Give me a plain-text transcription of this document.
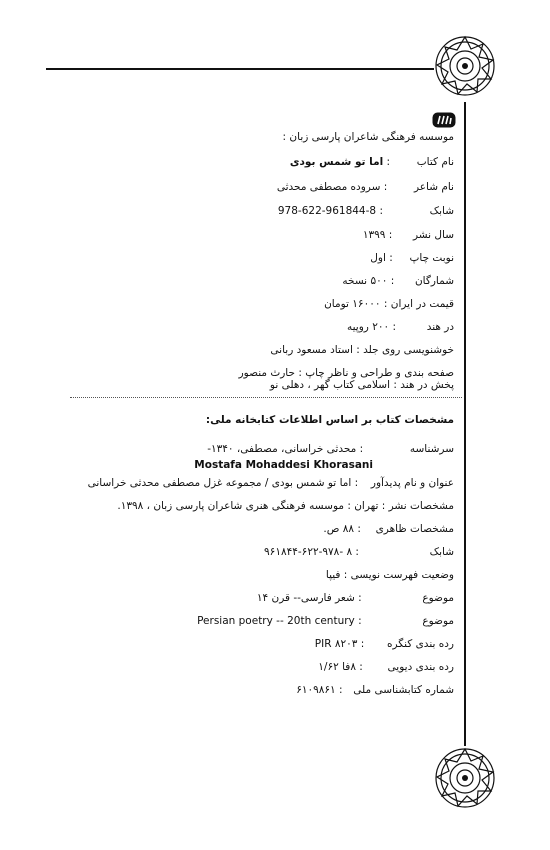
موسسه فرهنگی شاعران پارسی زبان :
نام کتاب  : اما تو شمس بودی
نام شاعر  : سروده مصطفی محدثی
شابک  : 978-622-961844-8
سال نشر  : ۱۳۹۹
نوبت چاپ  : اول
شمارگان  : ۵۰۰ نسخه
قیمت در ایران : ۱۶۰۰۰ تومان
در هند  : ۲۰۰ روپیه
خوشنویسی روی جلد : استاد مسعود ربانی
صفحه بندی و طراحی و ناظر چاپ : حارث منصور
پخش در هند : اسلامی کتاب گهر ، دهلی نو
مشخصات کتاب بر اساس اطلاعات کتابخانه ملی:
سرشناسه  : محدثی خراسانی، مصطفی، ۱۳۴۰-
Mostafa Mohaddesi Khorasani
عنوان و نام پدیدآور  : اما تو شمس بودی / مجموعه غزل مصطفی محدثی خراسانی
مشخصات نشر : تهران : موسسه فرهنگی هنری شاعران پارسی زبان ، ۱۳۹۸.
مشخصات ظاهری  : ۸۸ ص.
شابک  : ۸ -۹۶۱۸۴۴-۶۲۲-۹۷۸
وضعیت فهرست نویسی : فیپا
موضوع  : شعر فارسی-- قرن ۱۴
موضوع  : Persian poetry -- 20th century
رده بندی کنگره  : PIR ۸۲۰۳
رده بندی دیویی  : ۸فا ۱/۶۲
شماره کتابشناسی ملی  : ۶۱۰۹۸۶۱
